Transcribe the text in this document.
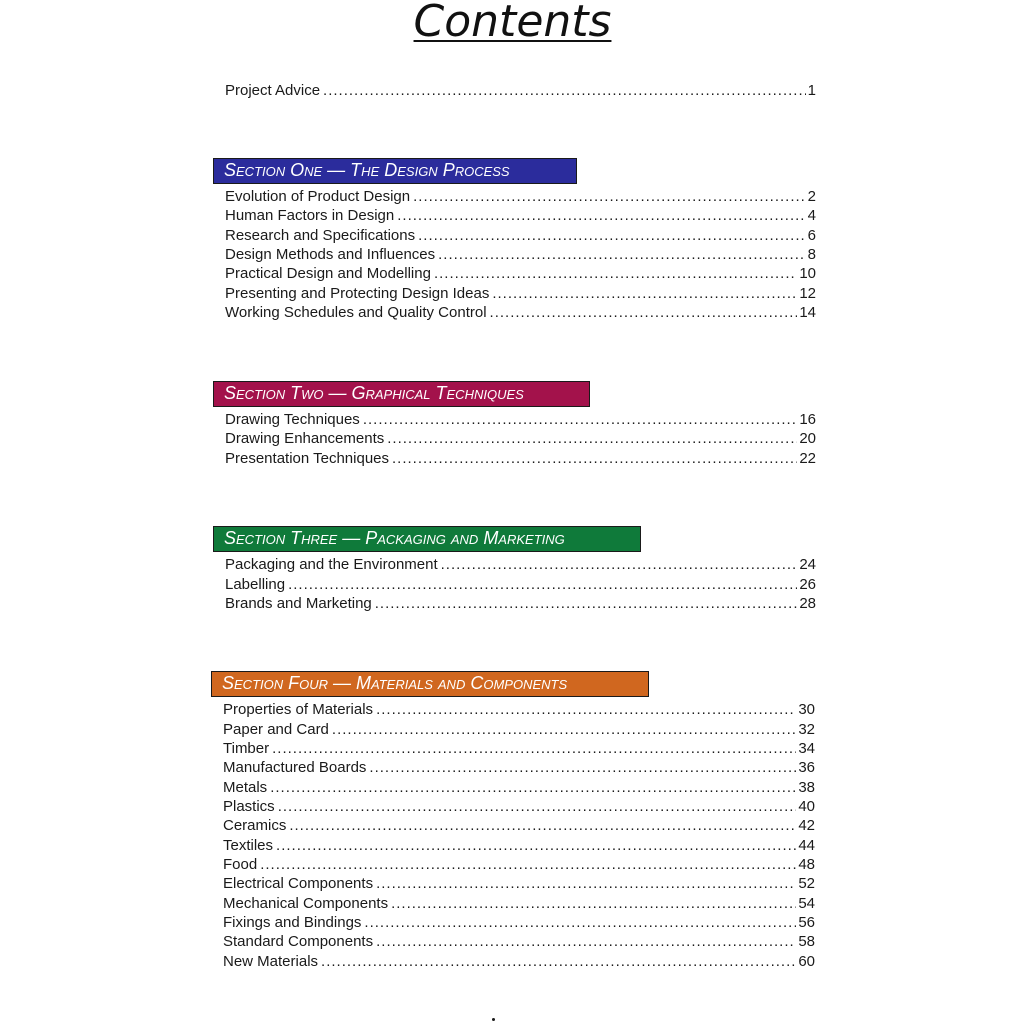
Contents
Project Advice .....	1
Section One — The Design Process
Evolution of Product Design .....	2
Human Factors in Design .....	4
Research and Specifications .....	6
Design Methods and Influences .....	8
Practical Design and Modelling .....	10
Presenting and Protecting Design Ideas .....	12
Working Schedules and Quality Control .....	14
Section Two — Graphical Techniques
Drawing Techniques .....	16
Drawing Enhancements .....	20
Presentation Techniques .....	22
Section Three — Packaging and Marketing
Packaging and the Environment .....	24
Labelling .....	26
Brands and Marketing .....	28
Section Four — Materials and Components
Properties of Materials .....	30
Paper and Card .....	32
Timber .....	34
Manufactured Boards .....	36
Metals .....	38
Plastics .....	40
Ceramics .....	42
Textiles .....	44
Food .....	48
Electrical Components .....	52
Mechanical Components .....	54
Fixings and Bindings .....	56
Standard Components .....	58
New Materials .....	60
